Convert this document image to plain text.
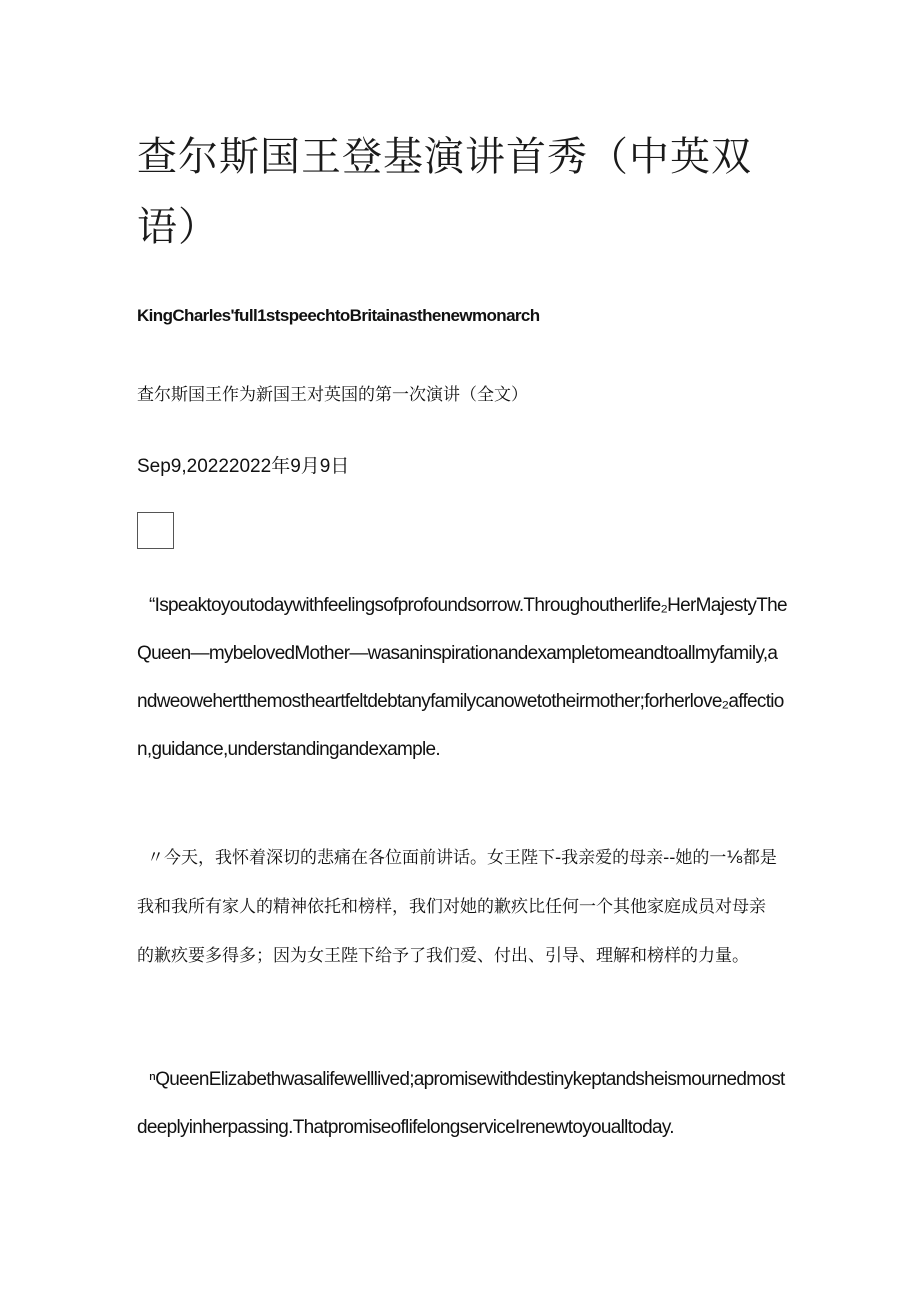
查尔斯国王登基演讲首秀（中英双语）
KingCharles'full1stspeechtoBritainasthenewmonarch
查尔斯国王作为新国王对英国的第一次演讲（全文）
Sep9,20222022年9月9日

“Ispeaktoyoutodaywithfeelingsofprofoundsorrow.Throughoutherlife₂HerMajestyTheQueen—mybelovedMother—wasaninspirationandexampletomeandtoallmyfamily,andweowehertthemostheartfeltdebtanyfamilycanowetotheirmother;forherlove₂affection,guidance,understandingandexample.

〃今天，我怀着深切的悲痛在各位面前讲话。女王陛下-我亲爱的母亲--她的一⅛都是我和我所有家人的精神依托和榜样，我们对她的歉疚比任何一个其他家庭成员对母亲的歉疚要多得多；因为女王陛下给予了我们爱、付出、引导、理解和榜样的力量。

ⁿQueenElizabethwasalifewelllived;apromisewithdestinykeptandsheismournedmostdeeplyinherpassing.ThatpromiseoflifelongserviceIrenewtoyoualltoday.
